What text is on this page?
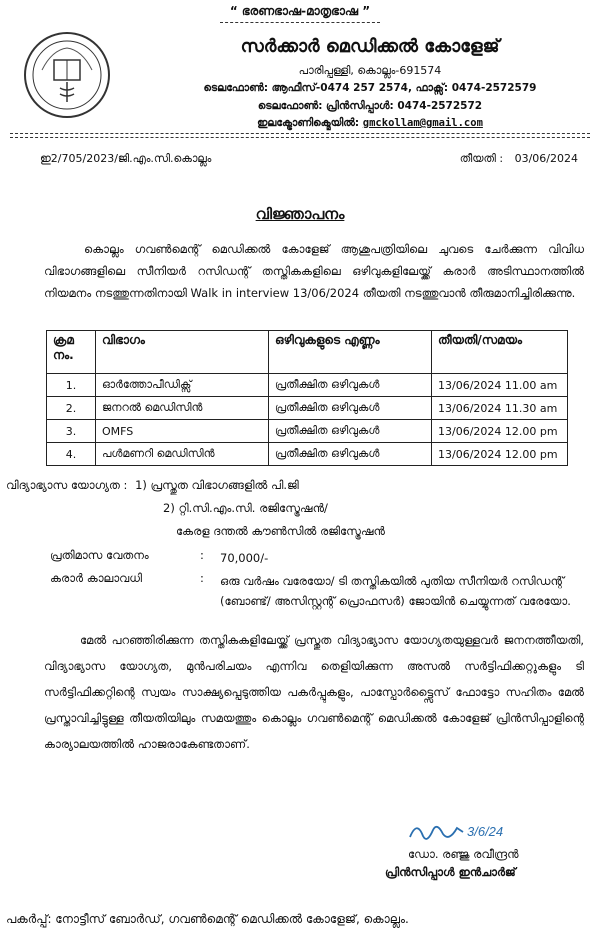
“ ഭരണഭാഷ-മാതൃഭാഷ ”
സർക്കാർ മെഡിക്കൽ കോളേജ്
പാരിപ്പള്ളി, കൊല്ലം-691574
ടെലഫോൺ: ആഫീസ്-0474 257 2574, ഫാക്സ്: 0474-2572579
ടെലഫോൺ: പ്രിൻസിപ്പാൾ: 0474-2572572
ഇലക്ട്രോണിക്മെയിൽ: gmckollam@gmail.com
ഇ2/705/2023/ജി.എം.സി.കൊല്ലം	തീയതി : 03/06/2024
വിജ്ഞാപനം
കൊല്ലം ഗവൺമെന്റ് മെഡിക്കൽ കോളേജ് ആശുപത്രിയിലെ ചുവടെ ചേർക്കുന്ന വിവിധ വിഭാഗങ്ങളിലെ സീനിയർ റസിഡന്റ് തസ്തികകളിലെ ഒഴിവുകളിലേയ്ക്ക് കരാർ അടിസ്ഥാനത്തിൽ നിയമനം നടത്തുന്നതിനായി Walk in interview 13/06/2024 തീയതി നടത്തുവാൻ തീരുമാനിച്ചിരിക്കുന്നു.
ക്രമ നം.	വിഭാഗം	ഒഴിവുകളുടെ എണ്ണം	തീയതി/സമയം
1.	ഓർത്തോപീഡിക്സ്	പ്രതീക്ഷിത ഒഴിവുകൾ	13/06/2024 11.00 am
2.	ജനറൽ മെഡിസിൻ	പ്രതീക്ഷിത ഒഴിവുകൾ	13/06/2024 11.30 am
3.	OMFS	പ്രതീക്ഷിത ഒഴിവുകൾ	13/06/2024 12.00 pm
4.	പൾമണറി മെഡിസിൻ	പ്രതീക്ഷിത ഒഴിവുകൾ	13/06/2024 12.00 pm
വിദ്യാഭ്യാസ യോഗ്യത : 1) പ്രസ്തുത വിഭാഗങ്ങളിൽ പി.ജി
2) റ്റി.സി.എം.സി. രജിസ്ട്രേഷൻ/
കേരള ദന്തൽ കൗൺസിൽ രജിസ്ട്രേഷൻ
പ്രതിമാസ വേതനം	: 70,000/-
കരാർ കാലാവധി	: ഒരു വർഷം വരേയോ/ ടി തസ്തികയിൽ പുതിയ സീനിയർ റസിഡന്റ് (ബോണ്ട്/ അസിസ്റ്റന്റ് പ്രൊഫസർ) ജോയിൻ ചെയ്യുന്നത് വരേയോ.
മേൽ പറഞ്ഞിരിക്കുന്ന തസ്തികകളിലേയ്ക്ക് പ്രസ്തുത വിദ്യാഭ്യാസ യോഗ്യതയുള്ളവർ ജനനത്തീയതി, വിദ്യാഭ്യാസ യോഗ്യത, മുൻപരിചയം എന്നിവ തെളിയിക്കുന്ന അസൽ സർട്ടിഫിക്കറ്റുകളും ടി സർട്ടിഫിക്കറ്റിന്റെ സ്വയം സാക്ഷ്യപ്പെടുത്തിയ പകർപ്പുകളും, പാസ്പോർട്ട്സൈസ് ഫോട്ടോ സഹിതം മേൽ പ്രസ്താവിച്ചിട്ടുള്ള തീയതിയിലും സമയത്തും കൊല്ലം ഗവൺമെന്റ് മെഡിക്കൽ കോളേജ് പ്രിൻസിപ്പാളിന്റെ കാര്യാലയത്തിൽ ഹാജരാകേണ്ടതാണ്.
3/6/24
ഡോ. രഞ്ജു രവീന്ദ്രൻ
പ്രിൻസിപ്പാൾ ഇൻചാർജ്
പകർപ്പ്: നോട്ടീസ് ബോർഡ്, ഗവൺമെന്റ് മെഡിക്കൽ കോളേജ്, കൊല്ലം.
